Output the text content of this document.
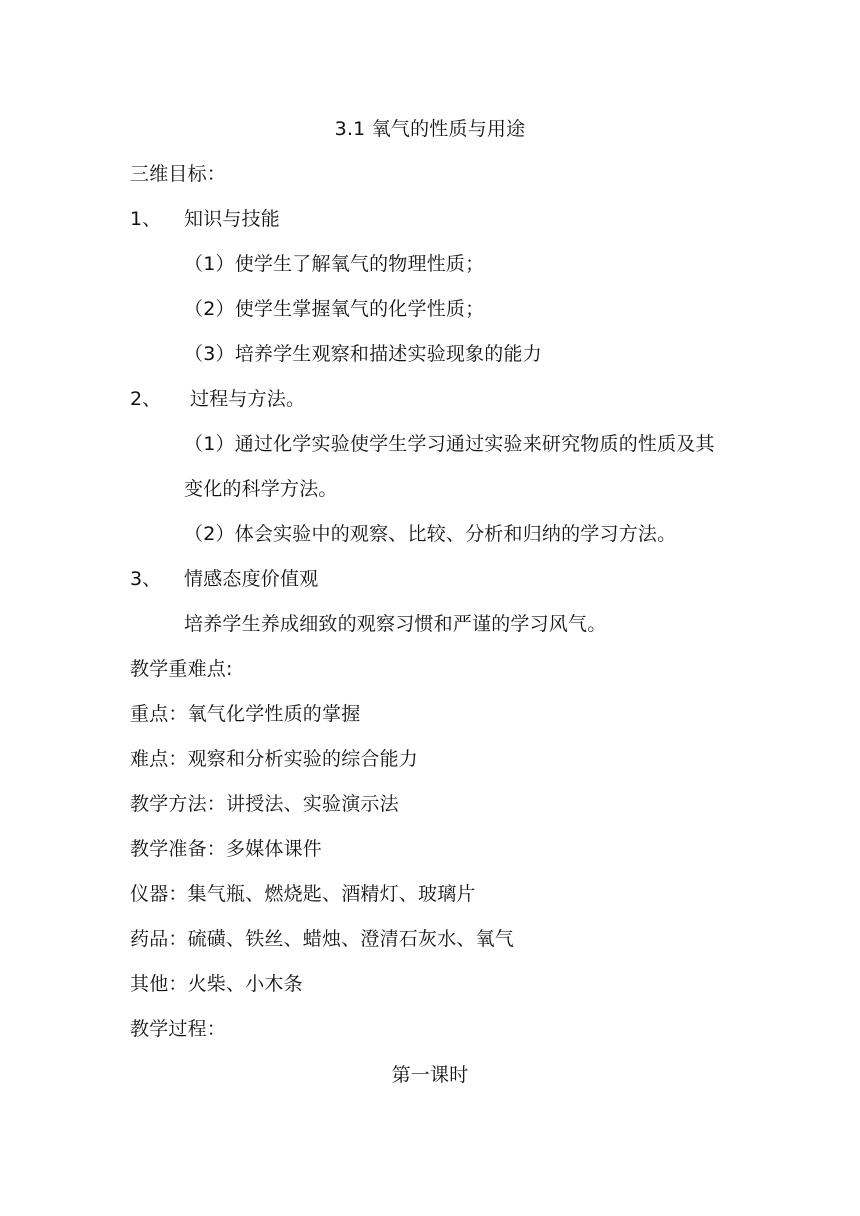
3.1 氧气的性质与用途
三维目标：
1、 知识与技能
（1）使学生了解氧气的物理性质；
（2）使学生掌握氧气的化学性质；
（3）培养学生观察和描述实验现象的能力
2、 过程与方法。
（1）通过化学实验使学生学习通过实验来研究物质的性质及其
变化的科学方法。
（2）体会实验中的观察、比较、分析和归纳的学习方法。
3、 情感态度价值观
培养学生养成细致的观察习惯和严谨的学习风气。
教学重难点:
重点：氧气化学性质的掌握
难点：观察和分析实验的综合能力
教学方法：讲授法、实验演示法
教学准备：多媒体课件
仪器：集气瓶、燃烧匙、酒精灯、玻璃片
药品：硫磺、铁丝、蜡烛、澄清石灰水、氧气
其他：火柴、小木条
教学过程：
第一课时
